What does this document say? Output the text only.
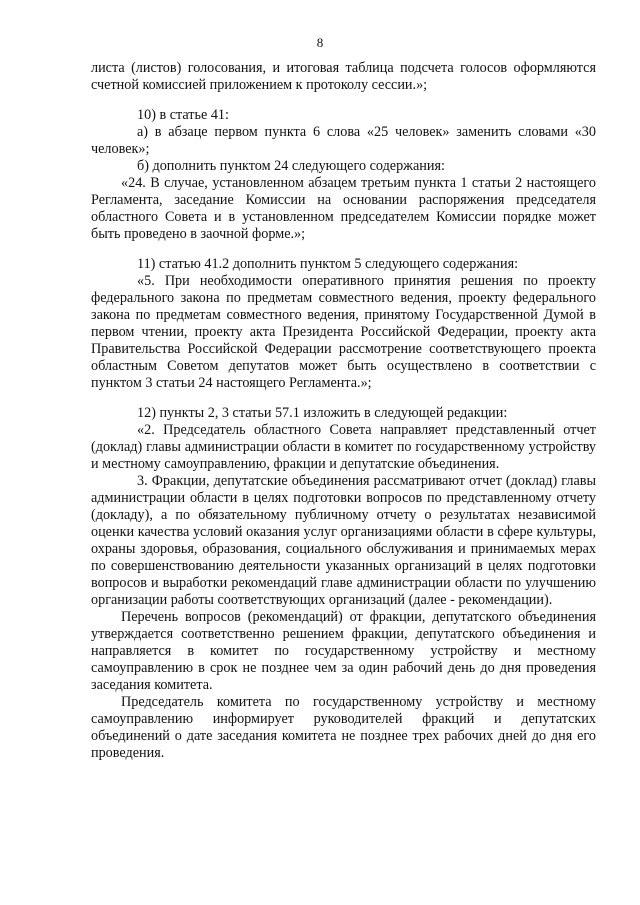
8

листа (листов) голосования, и итоговая таблица подсчета голосов оформляются счетной комиссией приложением к протоколу сессии.»;

10) в статье 41:

а) в абзаце первом пункта 6 слова «25 человек» заменить словами «30 человек»;

б) дополнить пунктом 24 следующего содержания:

«24. В случае, установленном абзацем третьим пункта 1 статьи 2 настоящего Регламента, заседание Комиссии на основании распоряжения председателя областного Совета и в установленном председателем Комиссии порядке может быть проведено в заочной форме.»;

11) статью 41.2 дополнить пунктом 5 следующего содержания:

«5. При необходимости оперативного принятия решения по проекту федерального закона по предметам совместного ведения, проекту федерального закона по предметам совместного ведения, принятому Государственной Думой в первом чтении, проекту акта Президента Российской Федерации, проекту акта Правительства Российской Федерации рассмотрение соответствующего проекта областным Советом депутатов может быть осуществлено в соответствии с пунктом 3 статьи 24 настоящего Регламента.»;

12) пункты 2, 3 статьи 57.1 изложить в следующей редакции:

«2. Председатель областного Совета направляет представленный отчет (доклад) главы администрации области в комитет по государственному устройству и местному самоуправлению, фракции и депутатские объединения.

3. Фракции, депутатские объединения рассматривают отчет (доклад) главы администрации области в целях подготовки вопросов по представленному отчету (докладу), а по обязательному публичному отчету о результатах независимой оценки качества условий оказания услуг организациями области в сфере культуры, охраны здоровья, образования, социального обслуживания и принимаемых мерах по совершенствованию деятельности указанных организаций в целях подготовки вопросов и выработки рекомендаций главе администрации области по улучшению организации работы соответствующих организаций (далее - рекомендации).

Перечень вопросов (рекомендаций) от фракции, депутатского объединения утверждается соответственно решением фракции, депутатского объединения и направляется в комитет по государственному устройству и местному самоуправлению в срок не позднее чем за один рабочий день до дня проведения заседания комитета.

Председатель комитета по государственному устройству и местному самоуправлению информирует руководителей фракций и депутатских объединений о дате заседания комитета не позднее трех рабочих дней до дня его проведения.
